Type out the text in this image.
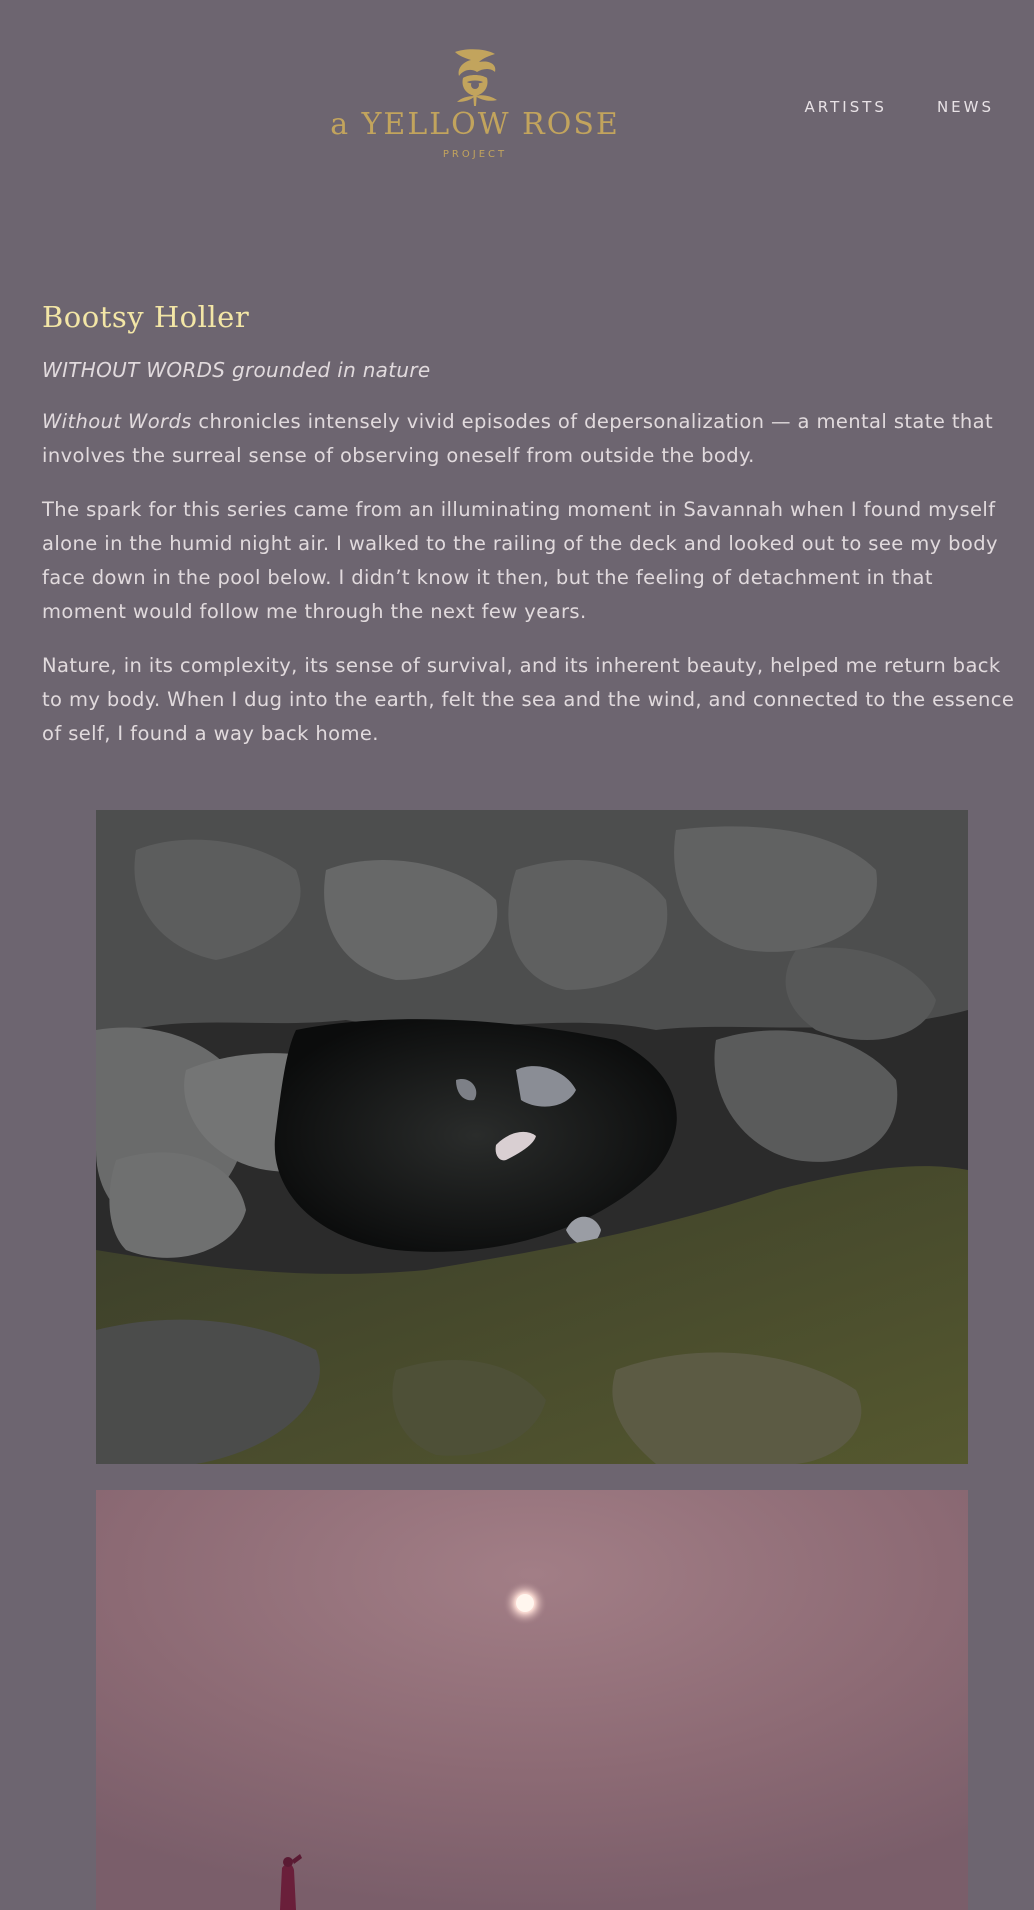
a YELLOW ROSE
PROJECT
ARTISTS	NEWS
Bootsy Holler
WITHOUT WORDS grounded in nature

Without Words chronicles intensely vivid episodes of depersonalization — a mental state that involves the surreal sense of observing oneself from outside the body.

The spark for this series came from an illuminating moment in Savannah when I found myself alone in the humid night air. I walked to the railing of the deck and looked out to see my body face down in the pool below. I didn’t know it then, but the feeling of detachment in that moment would follow me through the next few years.

Nature, in its complexity, its sense of survival, and its inherent beauty, helped me return back to my body. When I dug into the earth, felt the sea and the wind, and connected to the essence of self, I found a way back home.
